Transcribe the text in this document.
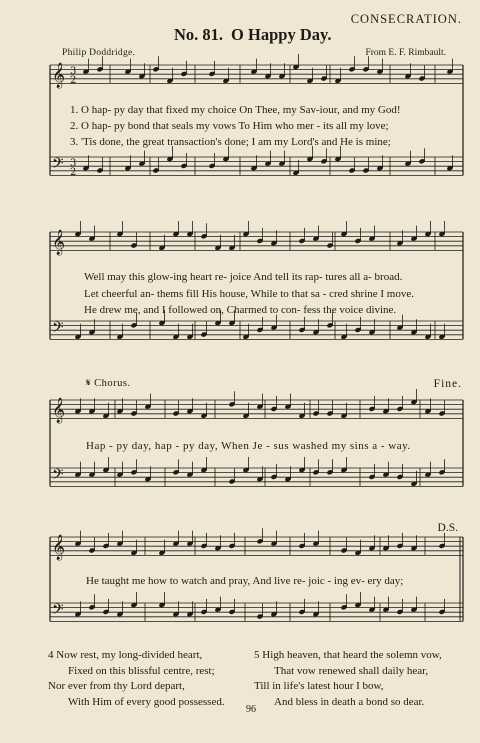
𝄞
𝄢
3
2
3
2
𝄞
𝄢
𝄞
𝄢
𝄞
𝄢
CONSECRATION.
No. 81. O Happy Day.
Philip Doddridge.	From E. F. Rimbault.
1. O hap- py day that fixed my choice On Thee, my Sav-iour, and my God!
2. O hap- py bond that seals my vows To Him who mer - its all my love;
3. 'Tis done, the great transaction's done; I am my Lord's and He is mine;
Well may this glow-ing heart re- joice And tell its rap- tures all a- broad.
Let cheerful an- thems fill His house, While to that sa - cred shrine I move.
He drew me, and I followed on, Charmed to con- fess the voice divine.
𝄋 Chorus.	Fine.
Hap - py day, hap - py day, When Je - sus washed my sins a - way.
D.S.
He taught me how to watch and pray, And live re- joic - ing ev- ery day;
4 Now rest, my long-divided heart,
Fixed on this blissful centre, rest;
Nor ever from thy Lord depart,
With Him of every good possessed.
5 High heaven, that heard the solemn vow,
That vow renewed shall daily hear,
Till in life's latest hour I bow,
And bless in death a bond so dear.
96
